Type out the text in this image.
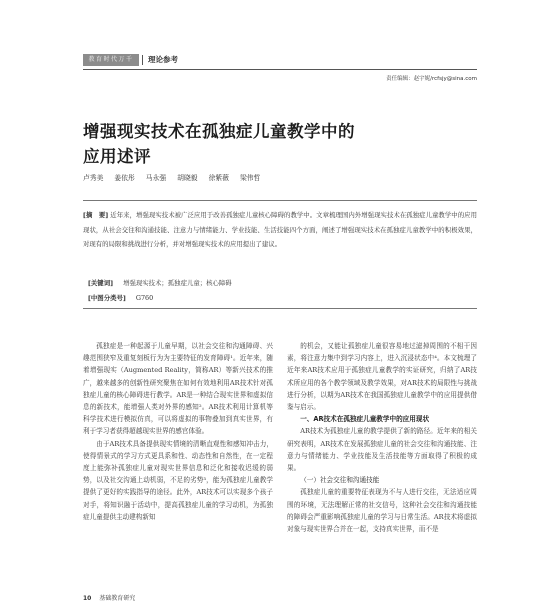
教育时代万千	理论参考
责任编辑：赵宇妮/rcfsjy@sina.com
增强现实技术在孤独症儿童教学中的
应用述评
卢秀美 姜依彤 马永强 胡晓毅 徐紫薇 梁伟哲
[摘　要] 近年来，增强现实技术被广泛应用于改善孤独症儿童核心障碍的教学中。文章梳理国内外增强现实技术在孤独症儿童教学中的应用现状，从社会交往和沟通技能、注意力与情绪能力、学业技能、生活技能四个方面，阐述了增强现实技术在孤独症儿童教学中的积极效果，对现有的局限和挑战进行分析，并对增强现实技术的应用提出了建议。
[关键词] 增强现实技术；孤独症儿童；核心障碍
[中图分类号] G760

孤独症是一种起源于儿童早期，以社会交往和沟通障碍、兴趣范围狭窄及重复刻板行为为主要特征的发育障碍¹。近年来，随着增强现实（Augmented Reality，简称AR）等新兴技术的推广，越来越多的创新性研究聚焦在如何有效地利用AR技术针对孤独症儿童的核心障碍进行教学。AR是一种结合现实世界和虚拟信息的新技术，能增强人类对外界的感知²。AR技术利用计算机等科学技术进行模拟仿真，可以将虚拟的事物叠加到真实世界，有利于学习者获得超越现实世界的感官体验。

由于AR技术具备提供现实情境的清晰直观性和感知冲击力，使得情景式的学习方式更具系和性、动态性和自然性，在一定程度上能弥补孤独症儿童对现实世界信息和泛化和接收迟缓的弱势，以及社交沟通上动机弱，不足的劣势³，能为孤独症儿童教学提供了更好的实践指导的途径。此外，AR技术可以实现多个孩子对手，将知识融于活动中，提高孤独症儿童的学习动机，为孤独症儿童提供主动建构新知

的机会，又能让孤独症儿童很容易地过滤掉周围的不相干因素，将注意力集中到学习内容上，进入沉浸状态中⁴。本文梳理了近年来AR技术应用于孤独症儿童教学的实证研究，归纳了AR技术所应用的各个教学领域及教学效果，对AR技术的局限性与挑战进行分析，以期为AR技术在我国孤独症儿童教学中的应用提供借鉴与启示。

一、AR技术在孤独症儿童教学中的应用现状

AR技术为孤独症儿童的教学提供了新的路径。近年来的相关研究表明，AR技术在发展孤独症儿童的社会交往和沟通技能、注意力与情绪能力、学业技能及生活技能等方面取得了积极的成果。

（一）社会交往和沟通技能

孤独症儿童的重要特征表现为不与人进行交往，无法适应周围的环境，无法理解正常的社交信号，这种社会交往和沟通技能的障碍会严重影响孤独症儿童的学习与日常生活。AR技术将虚拟对象与现实世界合并在一起，支持真实世界，而不是

10 基础教育研究
